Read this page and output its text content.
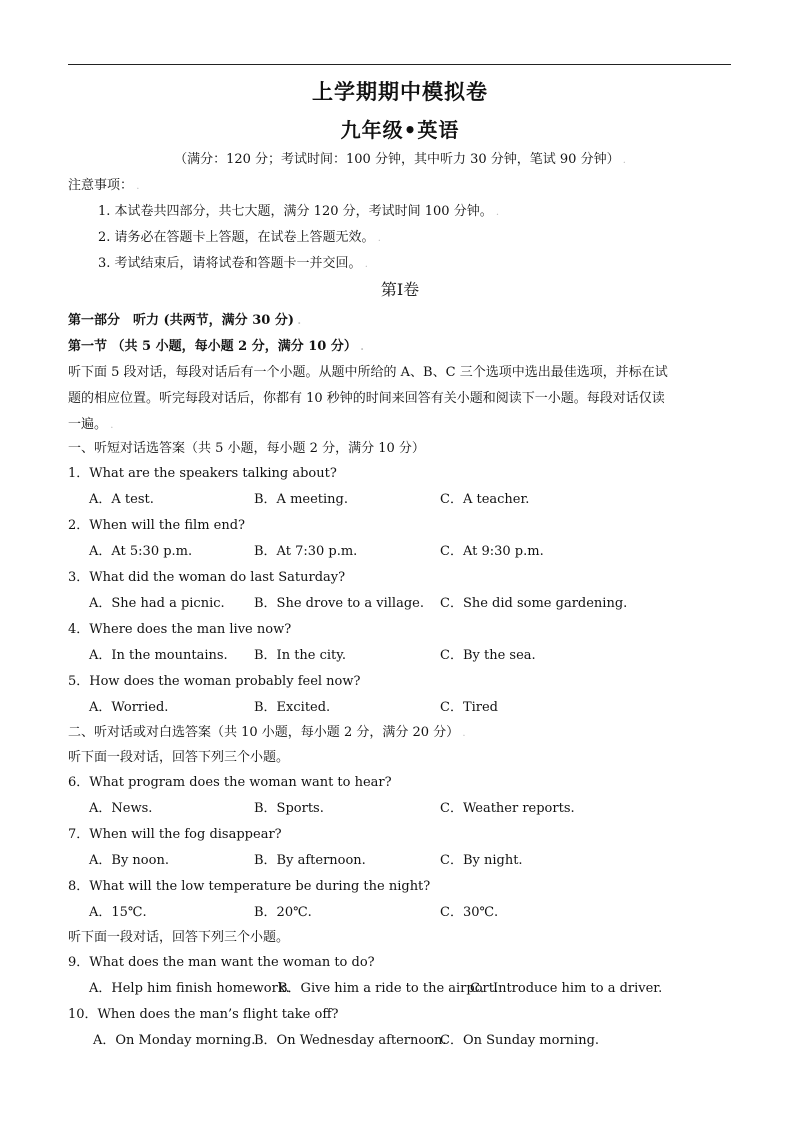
上学期期中模拟卷
九年级•英语
（满分：120 分；考试时间：100 分钟，其中听力 30 分钟，笔试 90 分钟） .
注意事项： .
1. 本试卷共四部分，共七大题，满分 120 分，考试时间 100 分钟。 .
2. 请务必在答题卡上答题，在试卷上答题无效。 .
3. 考试结束后，请将试卷和答题卡一并交回。 .
第Ⅰ卷
第一部分　听力 (共两节，满分 30 分) .
第一节 （共 5 小题，每小题 2 分，满分 10 分） .
听下面 5 段对话，每段对话后有一个小题。从题中所给的 A、B、C 三个选项中选出最佳选项，并标在试
题的相应位置。听完每段对话后，你都有 10 秒钟的时间来回答有关小题和阅读下一小题。每段对话仅读
一遍。 .
一、听短对话选答案（共 5 小题，每小题 2 分，满分 10 分）
1．What are the speakers talking about?
A．A test.	B．A meeting.	C．A teacher.
2．When will the film end?
A．At 5:30 p.m.	B．At 7:30 p.m.	C．At 9:30 p.m.
3．What did the woman do last Saturday?
A．She had a picnic. B．She drove to a village. C．She did some gardening.
4．Where does the man live now?
A．In the mountains. B．In the city.	C．By the sea.
5．How does the woman probably feel now?
A．Worried.	B．Excited.	C．Tired
二、听对话或对白选答案（共 10 小题，每小题 2 分，满分 20 分） .
听下面一段对话，回答下列三个小题。
6．What program does the woman want to hear?
A．News.	B．Sports.	C．Weather reports.
7．When will the fog disappear?
A．By noon.	B．By afternoon.	C．By night.
8．What will the low temperature be during the night?
A．15℃.	B．20℃.	C．30℃.
听下面一段对话，回答下列三个小题。
9．What does the man want the woman to do?
A．Help him finish homework.
B．Give him a ride to the airport.
C．Introduce him to a driver.
10．When does the man’s flight take off?
A．On Monday morning.
B．On Wednesday afternoon.
C．On Sunday morning.
